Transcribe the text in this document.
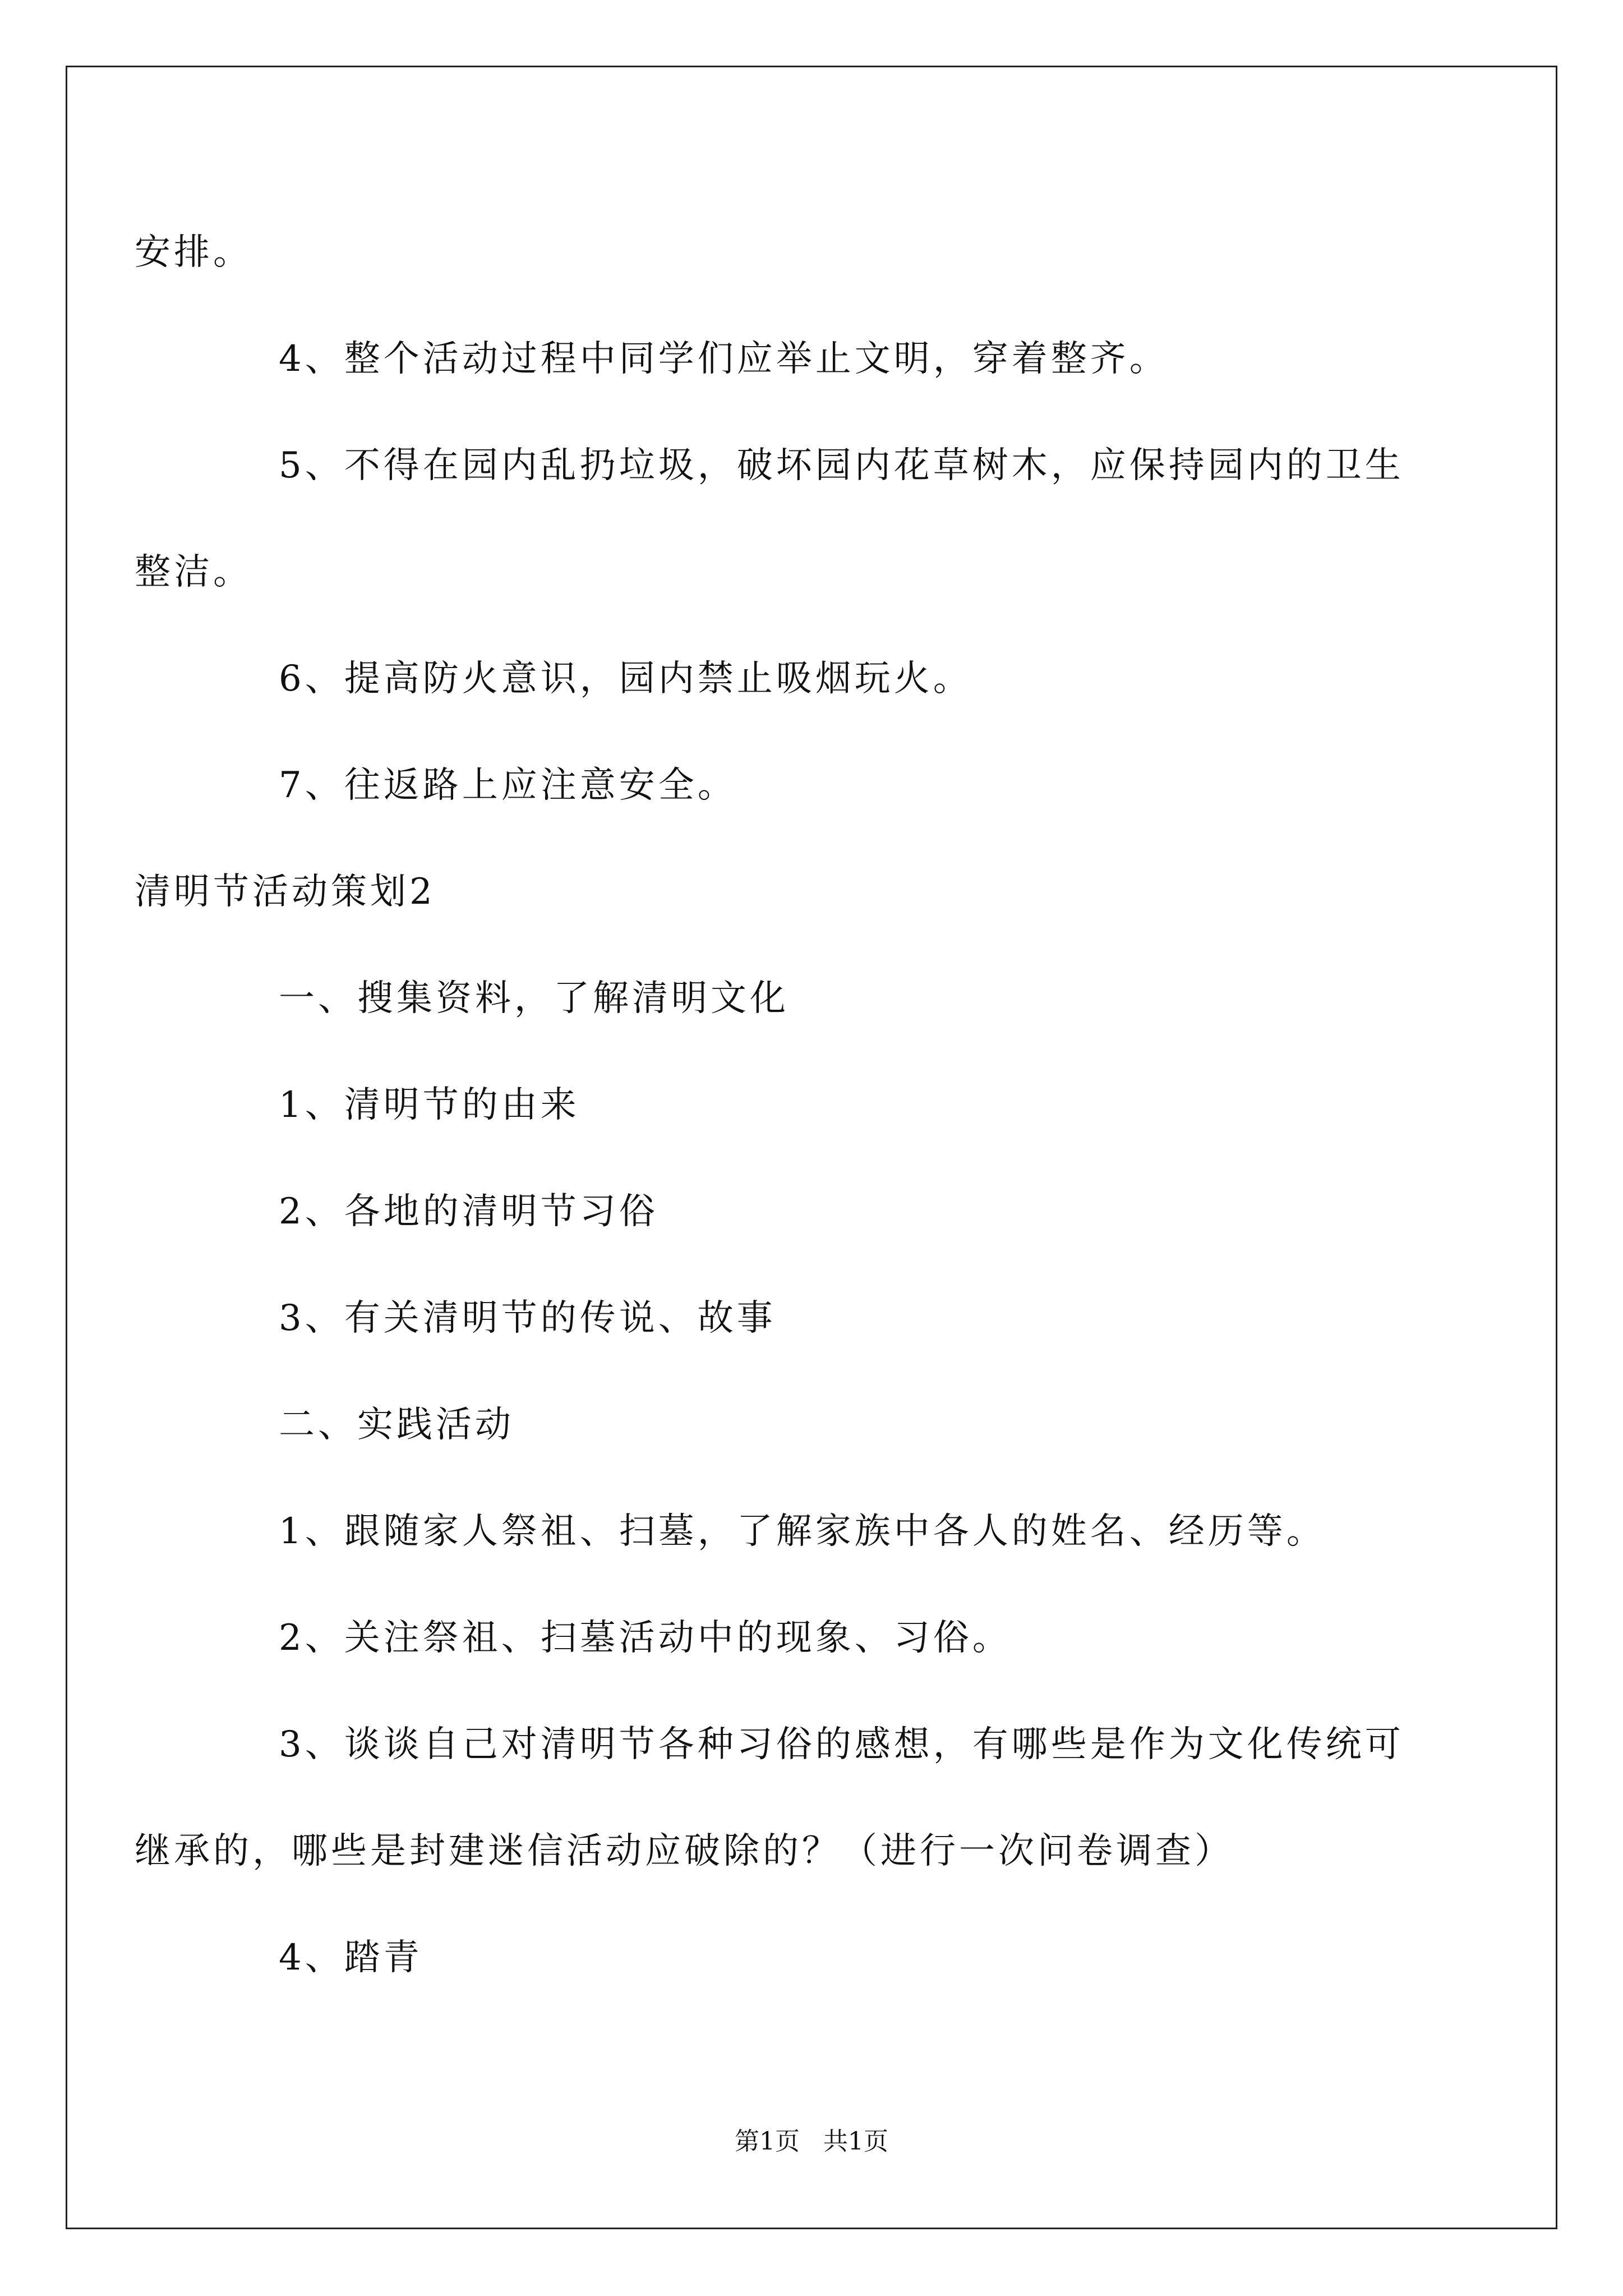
安排。
4、整个活动过程中同学们应举止文明，穿着整齐。
5、不得在园内乱扔垃圾，破坏园内花草树木，应保持园内的卫生
整洁。
6、提高防火意识，园内禁止吸烟玩火。
7、往返路上应注意安全。
清明节活动策划2
一、搜集资料，了解清明文化
1、清明节的由来
2、各地的清明节习俗
3、有关清明节的传说、故事
二、实践活动
1、跟随家人祭祖、扫墓，了解家族中各人的姓名、经历等。
2、关注祭祖、扫墓活动中的现象、习俗。
3、谈谈自己对清明节各种习俗的感想，有哪些是作为文化传统可
继承的，哪些是封建迷信活动应破除的？（进行一次问卷调查）
4、踏青
第1页   共1页
